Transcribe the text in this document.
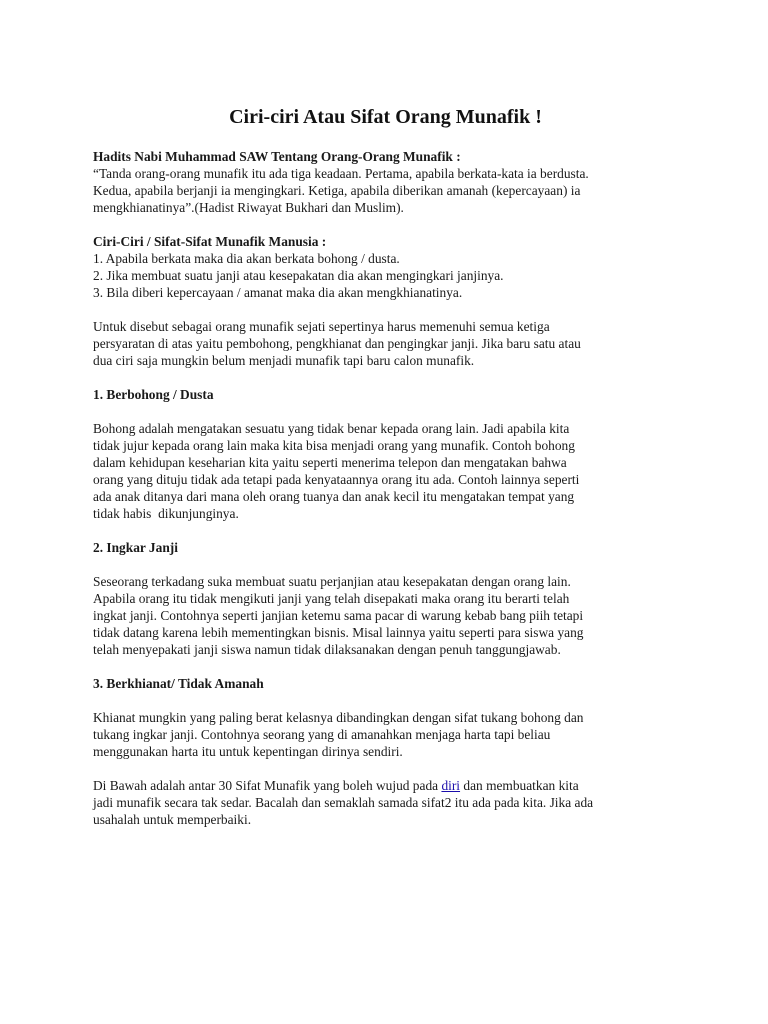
Ciri-ciri Atau Sifat Orang Munafik !
Hadits Nabi Muhammad SAW Tentang Orang-Orang Munafik :
“Tanda orang-orang munafik itu ada tiga keadaan. Pertama, apabila berkata-kata ia berdusta.
Kedua, apabila berjanji ia mengingkari. Ketiga, apabila diberikan amanah (kepercayaan) ia
mengkhianatinya”.(Hadist Riwayat Bukhari dan Muslim).
Ciri-Ciri / Sifat-Sifat Munafik Manusia :
1. Apabila berkata maka dia akan berkata bohong / dusta.
2. Jika membuat suatu janji atau kesepakatan dia akan mengingkari janjinya.
3. Bila diberi kepercayaan / amanat maka dia akan mengkhianatinya.
Untuk disebut sebagai orang munafik sejati sepertinya harus memenuhi semua ketiga
persyaratan di atas yaitu pembohong, pengkhianat dan pengingkar janji. Jika baru satu atau
dua ciri saja mungkin belum menjadi munafik tapi baru calon munafik.
1. Berbohong / Dusta
Bohong adalah mengatakan sesuatu yang tidak benar kepada orang lain. Jadi apabila kita
tidak jujur kepada orang lain maka kita bisa menjadi orang yang munafik. Contoh bohong
dalam kehidupan keseharian kita yaitu seperti menerima telepon dan mengatakan bahwa
orang yang dituju tidak ada tetapi pada kenyataannya orang itu ada. Contoh lainnya seperti
ada anak ditanya dari mana oleh orang tuanya dan anak kecil itu mengatakan tempat yang
tidak habis  dikunjunginya.
2. Ingkar Janji
Seseorang terkadang suka membuat suatu perjanjian atau kesepakatan dengan orang lain.
Apabila orang itu tidak mengikuti janji yang telah disepakati maka orang itu berarti telah
ingkat janji. Contohnya seperti janjian ketemu sama pacar di warung kebab bang piih tetapi
tidak datang karena lebih mementingkan bisnis. Misal lainnya yaitu seperti para siswa yang
telah menyepakati janji siswa namun tidak dilaksanakan dengan penuh tanggungjawab.
3. Berkhianat/ Tidak Amanah
Khianat mungkin yang paling berat kelasnya dibandingkan dengan sifat tukang bohong dan
tukang ingkar janji. Contohnya seorang yang di amanahkan menjaga harta tapi beliau
menggunakan harta itu untuk kepentingan dirinya sendiri.
Di Bawah adalah antar 30 Sifat Munafik yang boleh wujud pada diri dan membuatkan kita
jadi munafik secara tak sedar. Bacalah dan semaklah samada sifat2 itu ada pada kita. Jika ada
usahalah untuk memperbaiki.
